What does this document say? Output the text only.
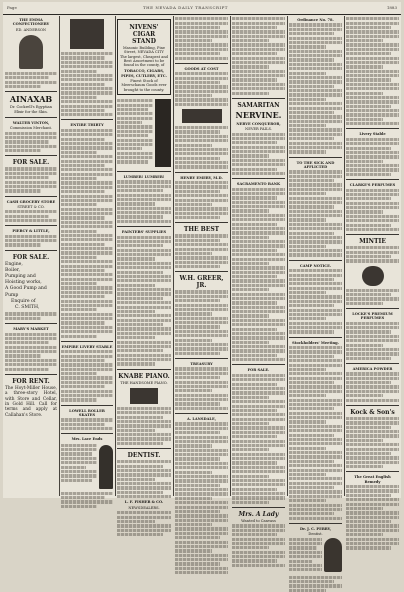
Page	THE NEVADA DAILY TRANSCRIPT	1883
THE EMMA CONFECTIONERY
ED. ANDERSON
AINAXAB
Dr. Cockrell's Egyptian Elixir for the Skin.
WALTER VINTON,
Commission Merchant.
FOR SALE.
CASH GROCERY STORE
STREET & CO.
PIERCY & LITTLE,
FOR SALE.
Engine,
Boiler,
Pumping and Hoisting works,
A Good Pump and Pump
Enquire of
C. SMITH,
MARY'S MARKET
FOR RENT.
The Hoyt-Miller House, a three-story Hotel, with Store and Cellar, in Gold Hill. Call for terms and apply at Callahan's Store.
ENTIRE THIRTY
EMPIRE LIVERY STABLE
LOWELL ROLLER SKATES
Mrs. Lace Ends
NIVENS' CIGAR STAND
Masonic Building, Pine Street, NEVADA CITY
The largest, Cheapest and Best Assortment to be found in the county, of
TOBACCO, CIGARS, PIPES, CUTLERY, ETC.
Finest Stock of Meerschaum Goods ever brought to the county.
LUMBER! LUMBER!
PAINTERS' SUPPLIES
KNABE PIANO.
THE HANDSOME PIANO.
DENTIST.
L. F. FISHER & CO.
NEWSDEALERS.
GOODS AT COST
HENRY EMERY, M.D.
THE BEST
W.H. GREER, JR.
TREASURY
A. LANSDALE,
SAMARITAN
NERVINE.
NERVE CONQUEROR,
NEVER FAILS.
SACRAMENTO BANK
FOR SALE.
Mrs. A Lady
Wanted to Canvass
Ordinance No. 78.
TO THE SICK AND AFFLICTED
CAMP NOTICE.
Stockholders' Meeting.
Dr. J. C. PERRY,
Dentist.
Livery Stable
CLARKE'S PERFUMES
MINTIE
LOCKE'S PREMIUM PERFUMES
AMERICA POWDER
Kock & Son's
The Great English Remedy
